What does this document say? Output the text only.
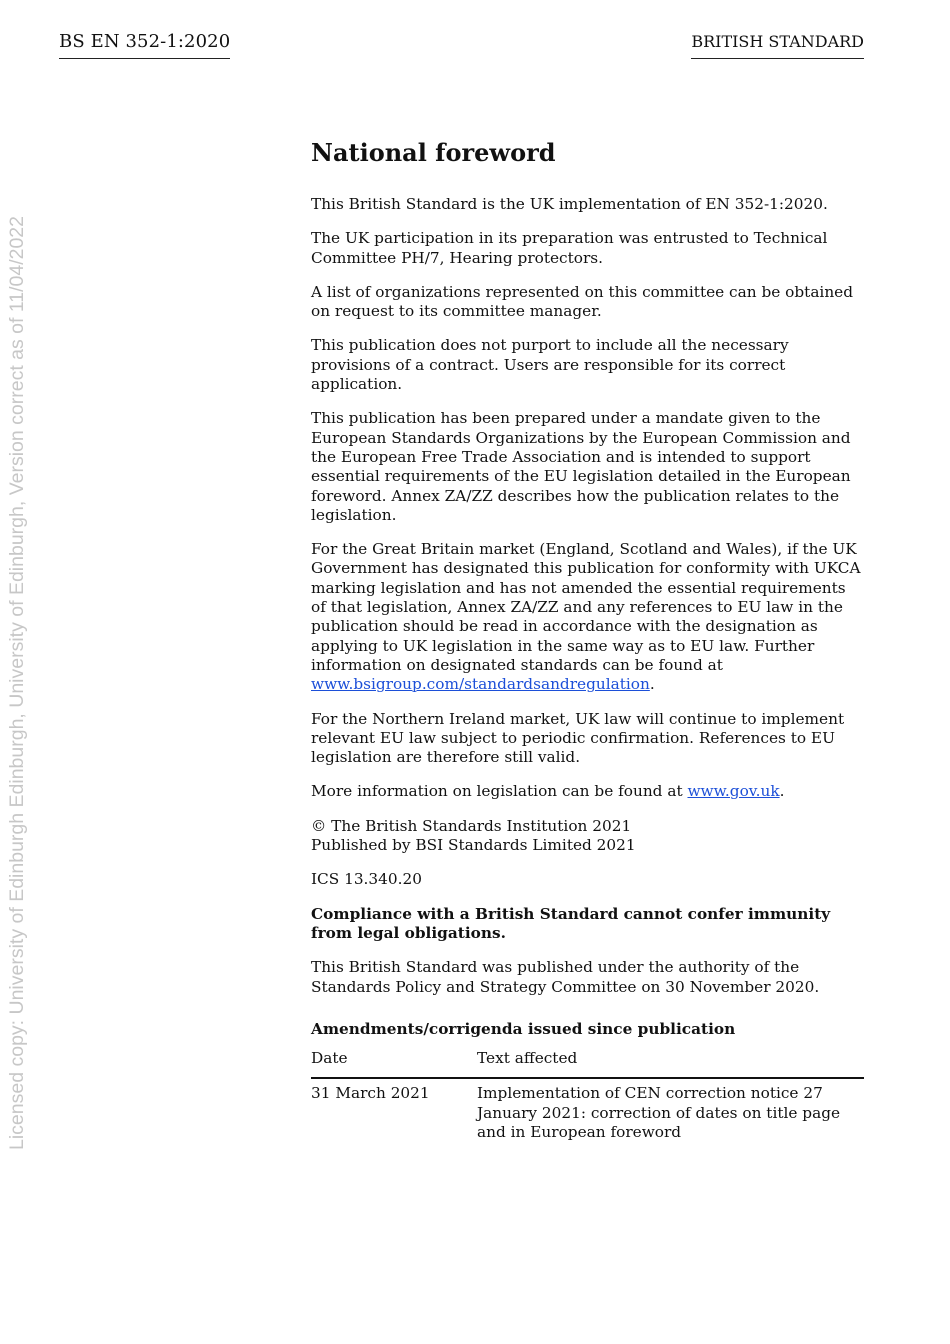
BS EN 352-1:2020	BRITISH STANDARD
Licensed copy: University of Edinburgh Edinburgh, University of Edinburgh, Version correct as of 11/04/2022
National foreword

This British Standard is the UK implementation of EN 352-1:2020.

The UK participation in its preparation was entrusted to Technical Committee PH/7, Hearing protectors.

A list of organizations represented on this committee can be obtained on request to its committee manager.

This publication does not purport to include all the necessary provisions of a contract. Users are responsible for its correct application.

This publication has been prepared under a mandate given to the European Standards Organizations by the European Commission and the European Free Trade Association and is intended to support essential requirements of the EU legislation detailed in the European foreword. Annex ZA/ZZ describes how the publication relates to the legislation.

For the Great Britain market (England, Scotland and Wales), if the UK Government has designated this publication for conformity with UKCA marking legislation and has not amended the essential requirements of that legislation, Annex ZA/ZZ and any references to EU law in the publication should be read in accordance with the designation as applying to UK legislation in the same way as to EU law. Further information on designated standards can be found at www.bsigroup.com/standardsandregulation.

For the Northern Ireland market, UK law will continue to implement relevant EU law subject to periodic confirmation. References to EU legislation are therefore still valid.

More information on legislation can be found at www.gov.uk.

© The British Standards Institution 2021
Published by BSI Standards Limited 2021

ICS 13.340.20

Compliance with a British Standard cannot confer immunity from legal obligations.

This British Standard was published under the authority of the Standards Policy and Strategy Committee on 30 November 2020.

Amendments/corrigenda issued since publication
Date	Text affected
31 March 2021	Implementation of CEN correction notice 27 January 2021: correction of dates on title page and in European foreword
